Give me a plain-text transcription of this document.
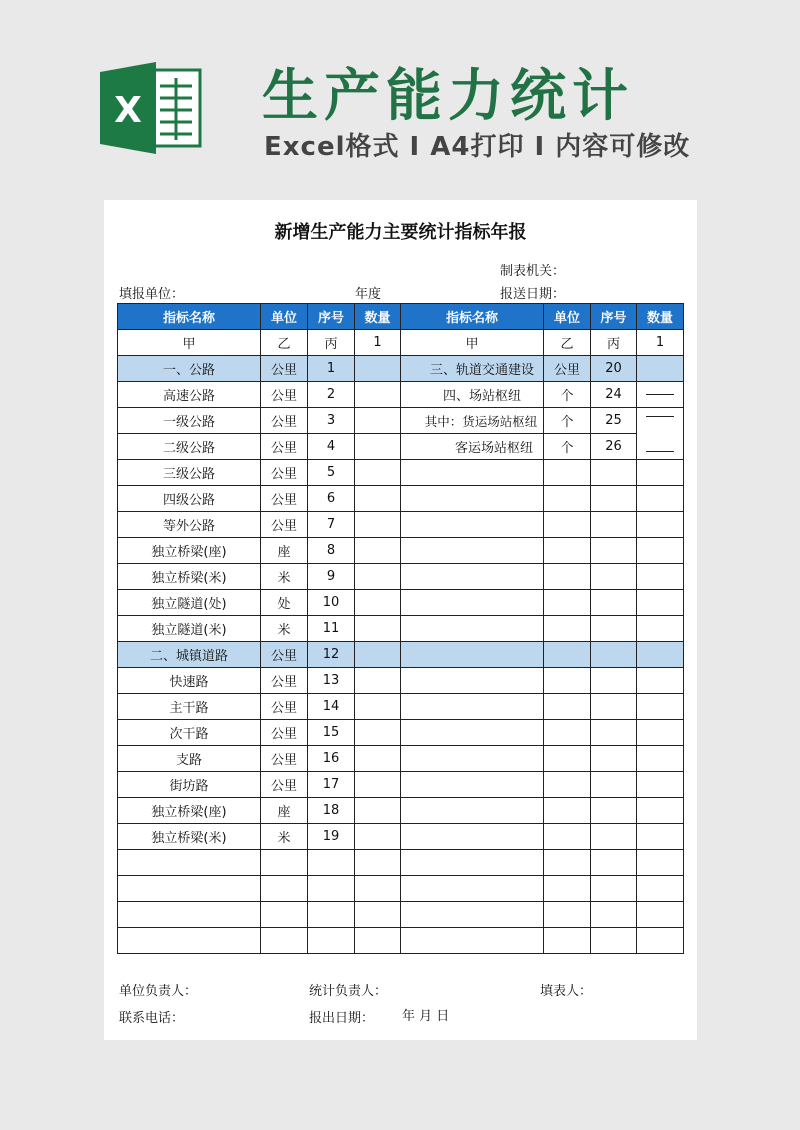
X 生产能力统计
Excel格式 I A4打印 I 内容可修改
新增生产能力主要统计指标年报
制表机关：
填报单位：	年度	报送日期：
指标名称	单位	序号	数量	指标名称	单位	序号	数量
甲	乙	丙	1	甲	乙	丙	1
一、公路	公里	1		三、轨道交通建设	公里	20	
高速公路	公里	2		四、场站枢纽	个	24	
一级公路	公里	3		其中：货运场站枢纽	个	25	

二级公路	公里	4		客运场站枢纽	个	26	
三级公路	公里	5					
四级公路	公里	6					
等外公路	公里	7					
独立桥梁(座)	座	8					
独立桥梁(米)	米	9					
独立隧道(处)	处	10					
独立隧道(米)	米	11					
二、城镇道路	公里	12					
快速路	公里	13					
主干路	公里	14					
次干路	公里	15					
支路	公里	16					
街坊路	公里	17					
独立桥梁(座)	座	18					
独立桥梁(米)	米	19					

单位负责人：	统计负责人：	填表人：
联系电话：	报出日期： 年 月 日
